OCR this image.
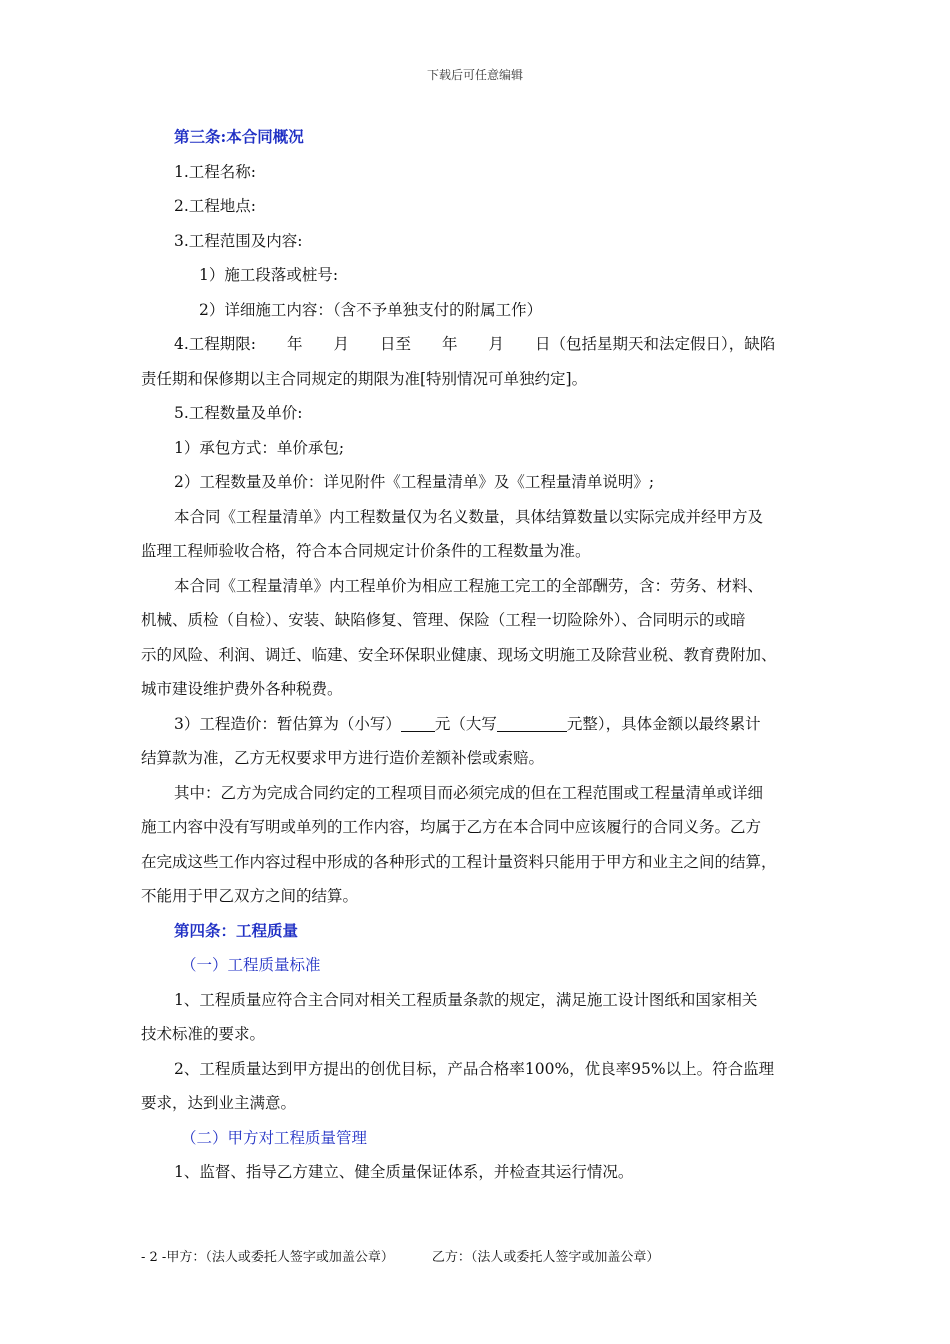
下载后可任意编辑
第三条:本合同概况
1.工程名称:
2.工程地点:
3.工程范围及内容:
1）施工段落或桩号:
2）详细施工内容：（含不予单独支付的附属工作）
4.工程期限:　　年　　月　　日至　　年　　月　　日（包括星期天和法定假日），缺陷
责任期和保修期以主合同规定的期限为准[特别情况可单独约定]。
5.工程数量及单价:
1）承包方式：单价承包;
2）工程数量及单价：详见附件《工程量清单》及《工程量清单说明》;
本合同《工程量清单》内工程数量仅为名义数量，具体结算数量以实际完成并经甲方及
监理工程师验收合格，符合本合同规定计价条件的工程数量为准。
本合同《工程量清单》内工程单价为相应工程施工完工的全部酬劳，含：劳务、材料、
机械、质检（自检）、安装、缺陷修复、管理、保险（工程一切险除外）、合同明示的或暗
示的风险、利润、调迁、临建、安全环保职业健康、现场文明施工及除营业税、教育费附加、
城市建设维护费外各种税费。
3）工程造价：暂估算为（小写） 元（大写	元整），具体金额以最终累计
结算款为准，乙方无权要求甲方进行造价差额补偿或索赔。
其中：乙方为完成合同约定的工程项目而必须完成的但在工程范围或工程量清单或详细
施工内容中没有写明或单列的工作内容，均属于乙方在本合同中应该履行的合同义务。乙方
在完成这些工作内容过程中形成的各种形式的工程计量资料只能用于甲方和业主之间的结算，
不能用于甲乙双方之间的结算。
第四条：工程质量
（一）工程质量标准
1、工程质量应符合主合同对相关工程质量条款的规定，满足施工设计图纸和国家相关
技术标准的要求。
2、工程质量达到甲方提出的创优目标，产品合格率100%，优良率95%以上。符合监理
要求，达到业主满意。
（二）甲方对工程质量管理
1、监督、指导乙方建立、健全质量保证体系，并检查其运行情况。
- 2 -甲方：（法人或委托人签字或加盖公章）	乙方：（法人或委托人签字或加盖公章）
